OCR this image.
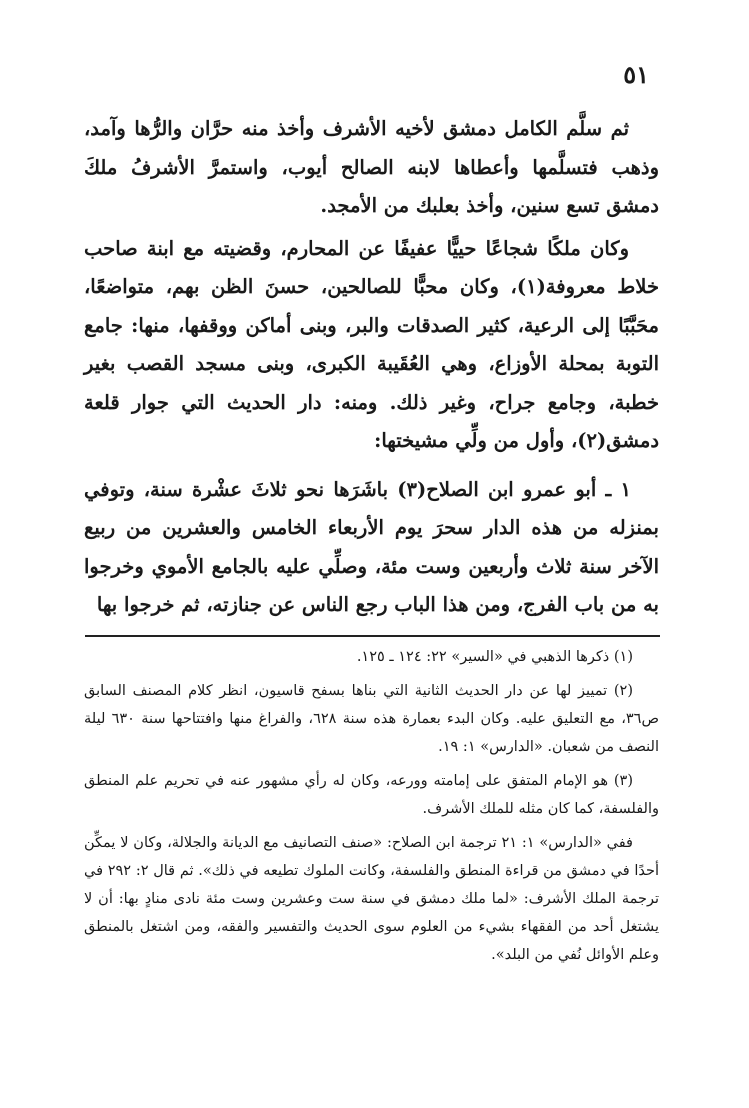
٥١

ثم سلَّم الكامل دمشق لأخيه الأشرف وأخذ منه حرَّان والرُّها وآمد، وذهب فتسلَّمها وأعطاها لابنه الصالح أيوب، واستمرَّ الأشرفُ ملكَ دمشق تسع سنين، وأخذ بعلبك من الأمجد.

وكان ملكًا شجاعًا حييًّا عفيفًا عن المحارم، وقضيته مع ابنة صاحب خلاط معروفة(١)، وكان محبًّا للصالحين، حسنَ الظن بهم، متواضعًا، محَبَّبًا إلى الرعية، كثير الصدقات والبر، وبنى أماكن ووقفها، منها: جامع التوبة بمحلة الأوزاع، وهي العُقَيبة الكبرى، وبنى مسجد القصب بغير خطبة، وجامع جراح، وغير ذلك. ومنه: دار الحديث التي جوار قلعة دمشق(٢)، وأول من ولِّي مشيختها:

١ ـ أبو عمرو ابن الصلاح(٣) باشَرَها نحو ثلاثَ عشْرة سنة، وتوفي بمنزله من هذه الدار سحرَ يوم الأربعاء الخامس والعشرين من ربيع الآخر سنة ثلاث وأربعين وست مئة، وصلِّي عليه بالجامع الأموي وخرجوا به من باب الفرج، ومن هذا الباب رجع الناس عن جنازته، ثم خرجوا بها

(١) ذكرها الذهبي في «السير» ٢٢: ١٢٤ ـ ١٢٥.

(٢) تمييز لها عن دار الحديث الثانية التي بناها بسفح قاسيون، انظر كلام المصنف السابق ص٣٦، مع التعليق عليه. وكان البدء بعمارة هذه سنة ٦٢٨، والفراغ منها وافتتاحها سنة ٦٣٠ ليلة النصف من شعبان. «الدارس» ١: ١٩.

(٣) هو الإمام المتفق على إمامته وورعه، وكان له رأي مشهور عنه في تحريم علم المنطق والفلسفة، كما كان مثله للملك الأشرف.

ففي «الدارس» ١: ٢١ ترجمة ابن الصلاح: «صنف التصانيف مع الديانة والجلالة، وكان لا يمكِّن أحدًا في دمشق من قراءة المنطق والفلسفة، وكانت الملوك تطيعه في ذلك». ثم قال ٢: ٢٩٢ في ترجمة الملك الأشرف: «لما ملك دمشق في سنة ست وعشرين وست مئة نادى منادٍ بها: أن لا يشتغل أحد من الفقهاء بشيء من العلوم سوى الحديث والتفسير والفقه، ومن اشتغل بالمنطق وعلم الأوائل نُفي من البلد».
